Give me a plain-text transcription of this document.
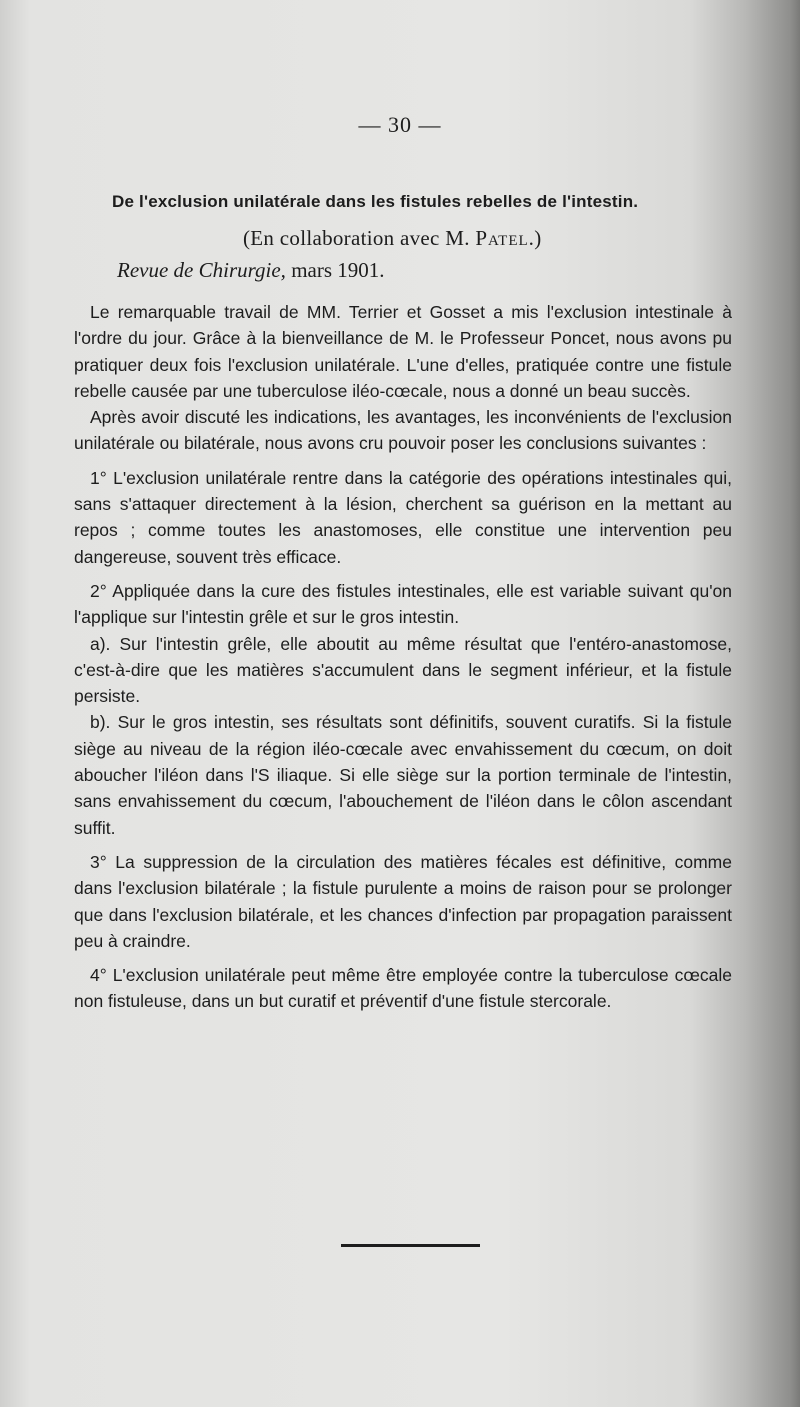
— 30 —
De l'exclusion unilatérale dans les fistules rebelles de l'intestin.
(En collaboration avec M. Patel.)
Revue de Chirurgie, mars 1901.

Le remarquable travail de MM. Terrier et Gosset a mis l'exclusion intestinale à l'ordre du jour. Grâce à la bienveillance de M. le Professeur Poncet, nous avons pu pratiquer deux fois l'exclusion unilatérale. L'une d'elles, pratiquée contre une fistule rebelle causée par une tuberculose iléo-cœcale, nous a donné un beau succès.

Après avoir discuté les indications, les avantages, les inconvénients de l'exclusion unilatérale ou bilatérale, nous avons cru pouvoir poser les conclusions suivantes :

1° L'exclusion unilatérale rentre dans la catégorie des opérations intestinales qui, sans s'attaquer directement à la lésion, cherchent sa guérison en la mettant au repos ; comme toutes les anastomoses, elle constitue une intervention peu dangereuse, souvent très efficace.

2° Appliquée dans la cure des fistules intestinales, elle est variable suivant qu'on l'applique sur l'intestin grêle et sur le gros intestin.

a). Sur l'intestin grêle, elle aboutit au même résultat que l'entéro-anastomose, c'est-à-dire que les matières s'accumulent dans le segment inférieur, et la fistule persiste.

b). Sur le gros intestin, ses résultats sont définitifs, souvent curatifs. Si la fistule siège au niveau de la région iléo-cœcale avec envahissement du cœcum, on doit aboucher l'iléon dans l'S iliaque. Si elle siège sur la portion terminale de l'intestin, sans envahissement du cœcum, l'abouchement de l'iléon dans le côlon ascendant suffit.

3° La suppression de la circulation des matières fécales est définitive, comme dans l'exclusion bilatérale ; la fistule purulente a moins de raison pour se prolonger que dans l'exclusion bilatérale, et les chances d'infection par propagation paraissent peu à craindre.

4° L'exclusion unilatérale peut même être employée contre la tuberculose cœcale non fistuleuse, dans un but curatif et préventif d'une fistule stercorale.
